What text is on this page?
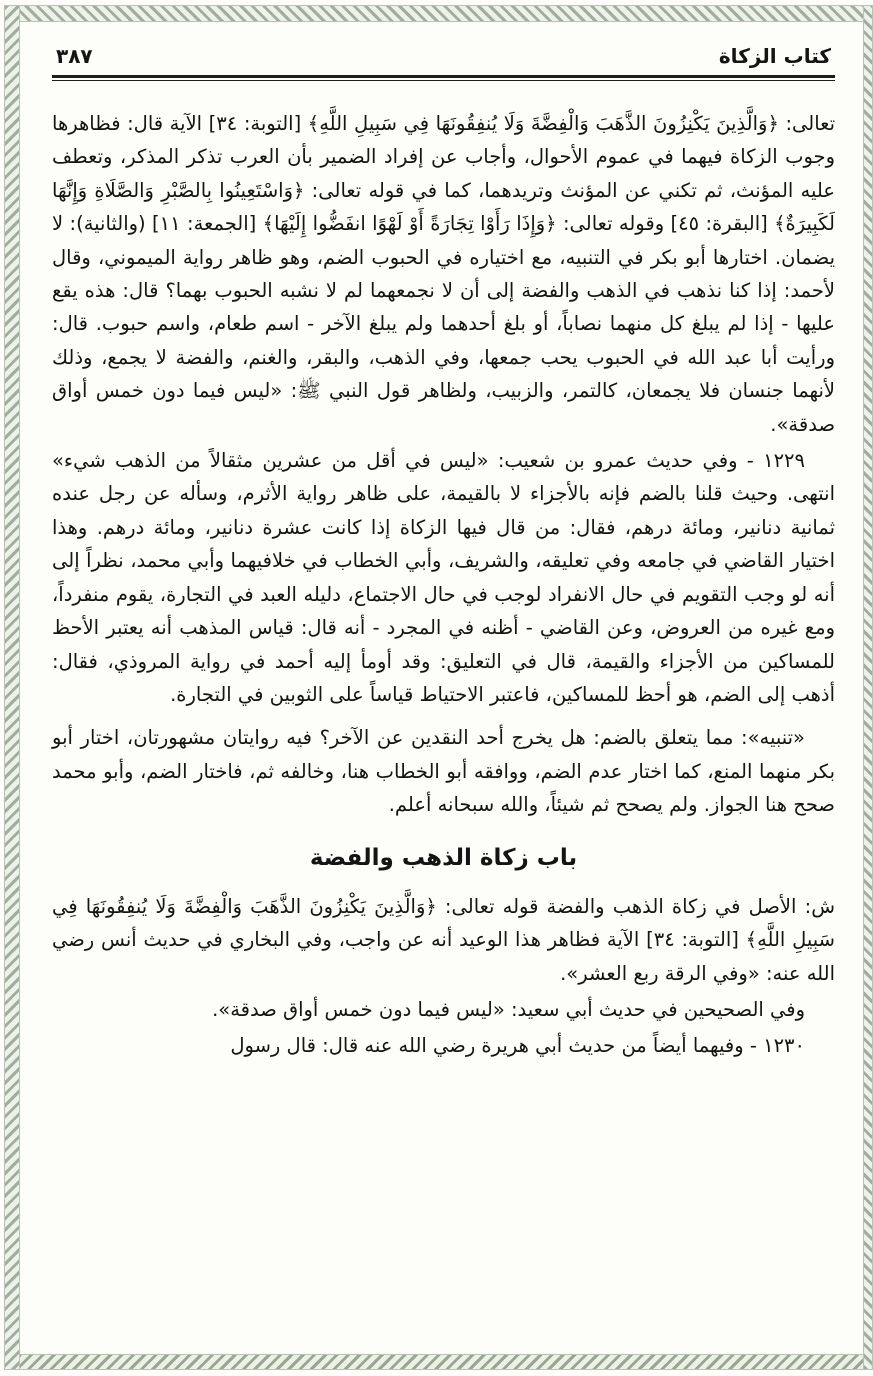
كتاب الزكاة
٣٨٧

تعالى: ﴿وَالَّذِينَ يَكْنِزُونَ الذَّهَبَ وَالْفِضَّةَ وَلَا يُنفِقُونَهَا فِي سَبِيلِ اللَّهِ﴾ [التوبة: ٣٤] الآية قال: فظاهرها وجوب الزكاة فيهما في عموم الأحوال، وأجاب عن إفراد الضمير بأن العرب تذكر المذكر، وتعطف عليه المؤنث، ثم تكني عن المؤنث وتريدهما، كما في قوله تعالى: ﴿وَاسْتَعِينُوا بِالصَّبْرِ وَالصَّلَاةِ وَإِنَّهَا لَكَبِيرَةٌ﴾ [البقرة: ٤٥] وقوله تعالى: ﴿وَإِذَا رَأَوْا تِجَارَةً أَوْ لَهْوًا انفَضُّوا إِلَيْهَا﴾ [الجمعة: ١١] (والثانية): لا يضمان. اختارها أبو بكر في التنبيه، مع اختياره في الحبوب الضم، وهو ظاهر رواية الميموني، وقال لأحمد: إذا كنا نذهب في الذهب والفضة إلى أن لا نجمعهما لم لا نشبه الحبوب بهما؟ قال: هذه يقع عليها - إذا لم يبلغ كل منهما نصاباً، أو بلغ أحدهما ولم يبلغ الآخر - اسم طعام، واسم حبوب. قال: ورأيت أبا عبد الله في الحبوب يحب جمعها، وفي الذهب، والبقر، والغنم، والفضة لا يجمع، وذلك لأنهما جنسان فلا يجمعان، كالتمر، والزبيب، ولظاهر قول النبي ﷺ: «ليس فيما دون خمس أواق صدقة».

١٢٢٩ - وفي حديث عمرو بن شعيب: «ليس في أقل من عشرين مثقالاً من الذهب شيء» انتهى. وحيث قلنا بالضم فإنه بالأجزاء لا بالقيمة، على ظاهر رواية الأثرم، وسأله عن رجل عنده ثمانية دنانير، ومائة درهم، فقال: من قال فيها الزكاة إذا كانت عشرة دنانير، ومائة درهم. وهذا اختيار القاضي في جامعه وفي تعليقه، والشريف، وأبي الخطاب في خلافيهما وأبي محمد، نظراً إلى أنه لو وجب التقويم في حال الانفراد لوجب في حال الاجتماع، دليله العبد في التجارة، يقوم منفرداً، ومع غيره من العروض، وعن القاضي - أظنه في المجرد - أنه قال: قياس المذهب أنه يعتبر الأحظ للمساكين من الأجزاء والقيمة، قال في التعليق: وقد أومأ إليه أحمد في رواية المروذي، فقال: أذهب إلى الضم، هو أحظ للمساكين، فاعتبر الاحتياط قياساً على الثوبين في التجارة.

«تنبيه»: مما يتعلق بالضم: هل يخرج أحد النقدين عن الآخر؟ فيه روايتان مشهورتان، اختار أبو بكر منهما المنع، كما اختار عدم الضم، ووافقه أبو الخطاب هنا، وخالفه ثم، فاختار الضم، وأبو محمد صحح هنا الجواز. ولم يصحح ثم شيئاً، والله سبحانه أعلم.

باب زكاة الذهب والفضة

ش: الأصل في زكاة الذهب والفضة قوله تعالى: ﴿وَالَّذِينَ يَكْنِزُونَ الذَّهَبَ وَالْفِضَّةَ وَلَا يُنفِقُونَهَا فِي سَبِيلِ اللَّهِ﴾ [التوبة: ٣٤] الآية فظاهر هذا الوعيد أنه عن واجب، وفي البخاري في حديث أنس رضي الله عنه: «وفي الرقة ربع العشر».

وفي الصحيحين في حديث أبي سعيد: «ليس فيما دون خمس أواق صدقة».

١٢٣٠ - وفيهما أيضاً من حديث أبي هريرة رضي الله عنه قال: قال رسول
